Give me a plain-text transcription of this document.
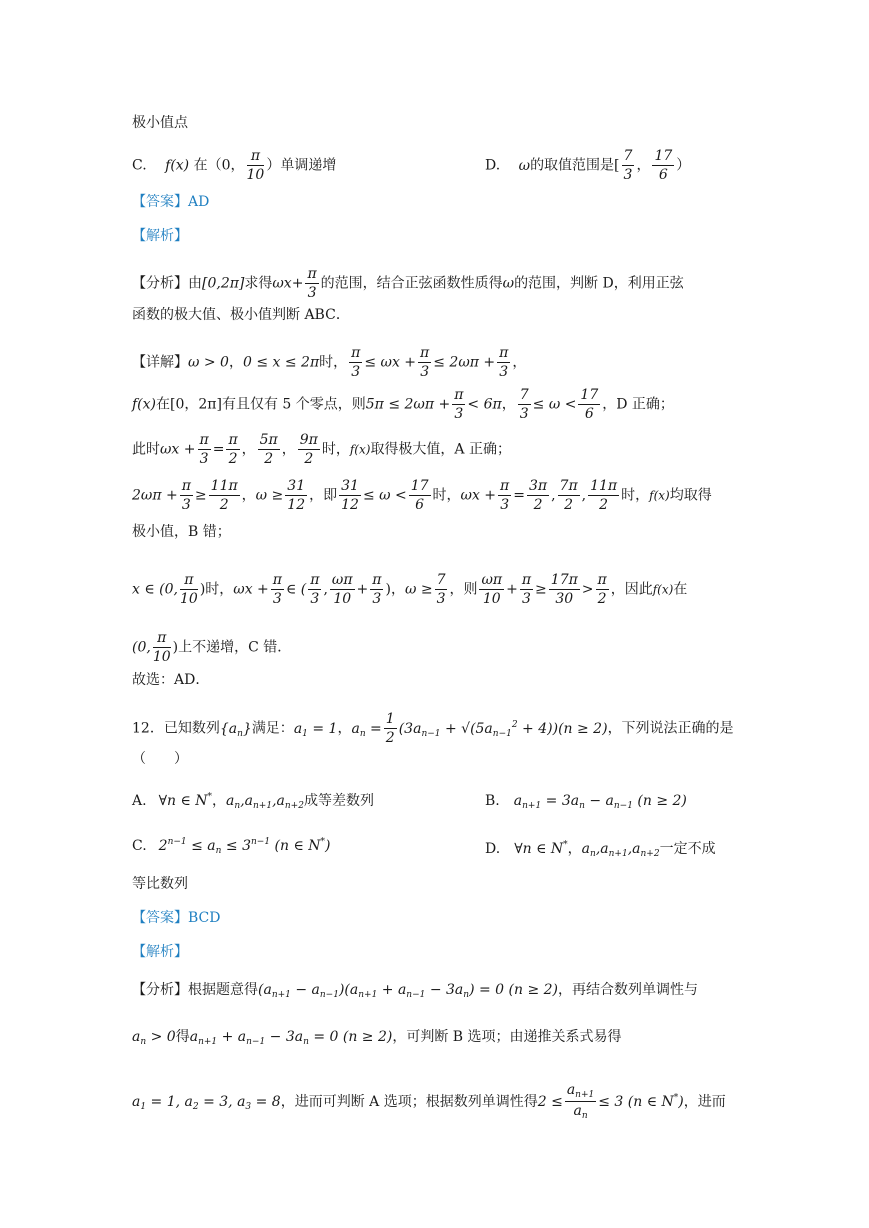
极小值点
C. f(x) 在（0， $\frac{\pi}{10}$ ）单调递增	D. ω的取值范围是[ $\frac{7}{3}$ ， $\frac{17}{6}$ ）
【答案】AD
【解析】
【分析】由[0,2π]求得$\omega x+ \frac{\pi}{3}$ 的范围，结合正弦函数性质得ω的范围，判断 D，利用正弦
函数的极大值、极小值判断 ABC．
【详解】ω > 0，0 ≤ x ≤ 2π时， $\frac{\pi}{3} \le \omega x + \frac{\pi}{3} \le 2\omega\pi + \frac{\pi}{3}$ ，
f(x)在[0，2π]有且仅有 5 个零点，则$5\pi \le 2\omega\pi + \frac{\pi}{3} < 6\pi$， $\frac{7}{3} \le \omega < \frac{17}{6}$ ，D 正确；
此时$\omega x + \frac{\pi}{3} = \frac{\pi}{2}$ ， $\frac{5\pi}{2}$ ， $\frac{9\pi}{2}$ 时，f(x)取得极大值，A 正确；
$2\omega\pi + \frac{\pi}{3} \ge \frac{11\pi}{2}$ ，$\omega \ge \frac{31}{12}$ ，即 $\frac{31}{12} \le \omega < \frac{17}{6}$ 时，$\omega x + \frac{\pi}{3} = \frac{3\pi}{2}$ , $\frac{7\pi}{2}$ , $\frac{11\pi}{2}$ 时，f(x)均取得
极小值，B 错；
x ∈ (0, $\frac{\pi}{10}$ )时，$\omega x + \frac{\pi}{3}$ ∈ ( $\frac{\pi}{3}$ , $\frac{\omega\pi}{10} + \frac{\pi}{3}$ )，$\omega \ge \frac{7}{3}$ ，则 $\frac{\omega\pi}{10} + \frac{\pi}{3} \ge \frac{17\pi}{30} > \frac{\pi}{2}$ ，因此f(x)在
(0, $\frac{\pi}{10}$ )上不递增，C 错．
故选：AD．
12．已知数列$\{a_n\}$满足：$a_1 = 1$，$a_n = \frac{1}{2} (3a_{n-1} + √(5a_{n-1}^2 + 4))(n \ge 2)$，下列说法正确的是
（　　）
A. ∀n ∈ N*，$a_n,a_{n+1},a_{n+2}$成等差数列	B. $a_{n+1} = 3a_n - a_{n-1}$ (n ≥ 2)
C. $2^{n-1} \le a_n \le 3^{n-1}$ (n ∈ N*)	D. ∀n ∈ N*，$a_n,a_{n+1},a_{n+2}$一定不成
等比数列
【答案】BCD
【解析】
【分析】根据题意得$(a_{n+1} - a_{n-1})(a_{n+1} + a_{n-1} - 3a_n) = 0$ (n ≥ 2)，再结合数列单调性与
$a_n > 0$得$a_{n+1} + a_{n-1} - 3a_n = 0$ (n ≥ 2)，可判断 B 选项；由递推关系式易得
$a_1 = 1$, $a_2 = 3$, $a_3 = 8$，进而可判断 A 选项；根据数列单调性得$2 \le \frac{a_{n+1}}{a_n} \le 3$ (n ∈ N*)，进而
